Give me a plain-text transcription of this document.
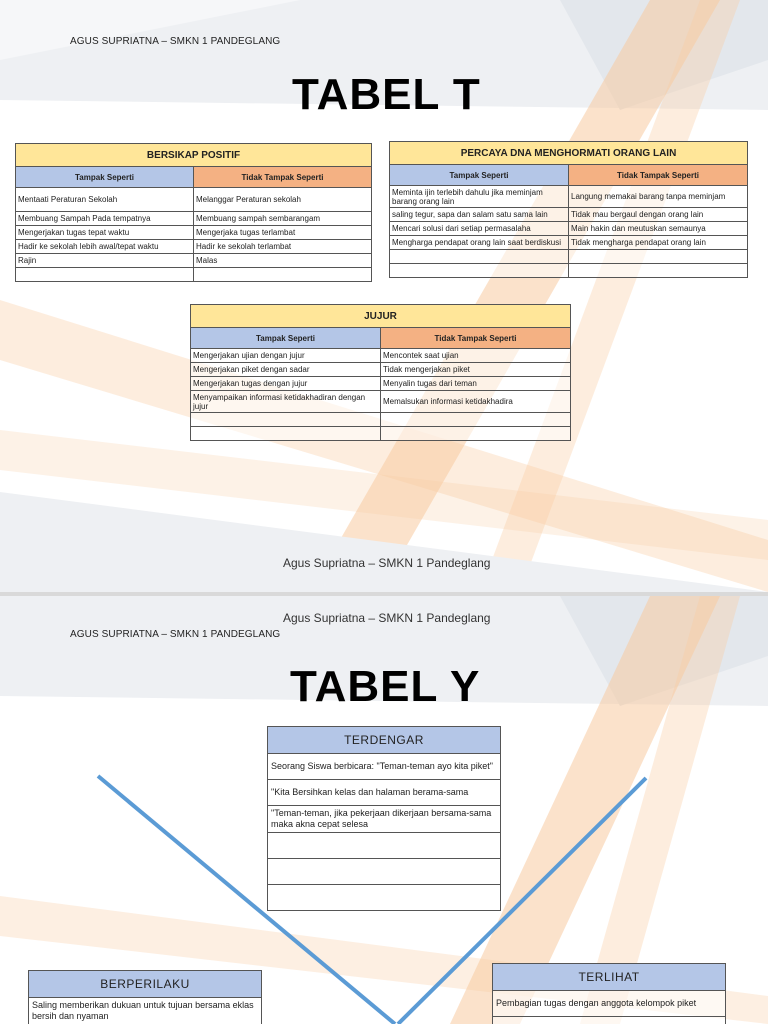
AGUS SUPRIATNA – SMKN 1 PANDEGLANG
TABEL T
BERSIKAP POSITIF	
Tampak Seperti	Tidak Tampak Seperti
Mentaati Peraturan Sekolah	Melanggar Peraturan sekolah
Membuang Sampah Pada tempatnya	Membuang sampah sembarangam
Mengerjakan tugas tepat waktu	Mengerjaka tugas terlambat
Hadir ke sekolah lebih awal/tepat waktu	Hadir ke sekolah terlambat
Rajin	Malas

PERCAYA DNA MENGHORMATI ORANG LAIN	
Tampak Seperti	Tidak Tampak Seperti
Meminta ijin terlebih dahulu jika meminjam barang orang lain	Langung memakai barang tanpa meminjam
saling tegur, sapa dan salam satu sama lain	Tidak mau bergaul dengan orang lain
Mencari solusi dari setiap permasalaha	Main hakin dan meutuskan semaunya
Mengharga pendapat orang lain saat berdiskusi	Tidak mengharga pendapat orang lain

JUJUR	
Tampak Seperti	Tidak Tampak Seperti
Mengerjakan ujian dengan jujur	Mencontek saat ujian
Mengerjakan piket dengan sadar	Tidak mengerjakan piket
Mengerjakan tugas dengan jujur	Menyalin tugas dari teman
Menyampaikan informasi ketidakhadiran dengan jujur	Memalsukan informasi ketidakhadira

Agus Supriatna – SMKN 1 Pandeglang
Agus Supriatna – SMKN 1 Pandeglang
AGUS SUPRIATNA – SMKN 1 PANDEGLANG
TABEL Y
TERDENGAR
Seorang Siswa berbicara: "Teman-teman ayo kita piket"
"Kita Bersihkan kelas dan halaman berama-sama
"Teman-teman, jika pekerjaan dikerjaan bersama-sama maka akna cepat selesa

BERPERILAKU
Saling memberikan dukuan untuk tujuan bersama eklas bersih dan nyaman
TERLIHAT
Pembagian tugas dengan anggota kelompok piket
